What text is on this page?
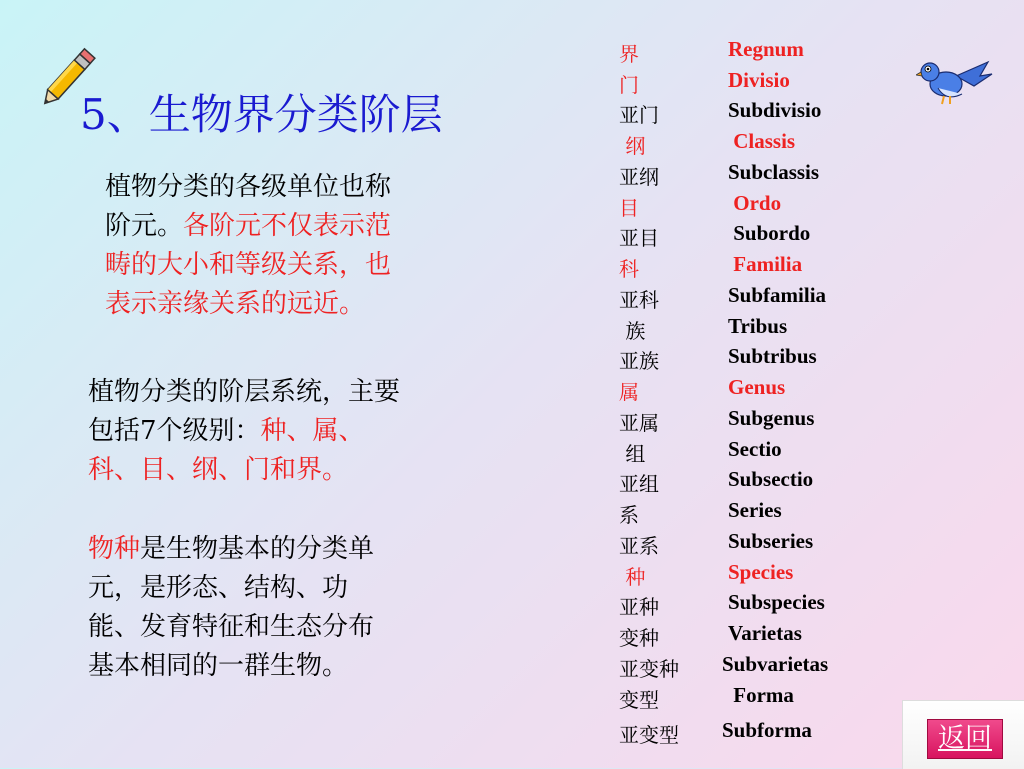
5、生物界分类阶层
植物分类的各级单位也称
阶元。各阶元不仅表示范
畴的大小和等级关系，也
表示亲缘关系的远近。
植物分类的阶层系统，主要
包括7个级别：种、属、
科、目、纲、门和界。
物种是生物基本的分类单
元，是形态、结构、功
能、发育特征和生态分布
基本相同的一群生物。
界	Regnum
门	Divisio
亚门	Subdivisio
纲	Classis
亚纲	Subclassis
目	Ordo
亚目	Subordo
科	Familia
亚科	Subfamilia
族	Tribus
亚族	Subtribus
属	Genus
亚属	Subgenus
组	Sectio
亚组	Subsectio
系	Series
亚系	Subseries
种	Species
亚种	Subspecies
变种	Varietas
亚变种 Subvarietas
变型	Forma
亚变型 Subforma	返回
